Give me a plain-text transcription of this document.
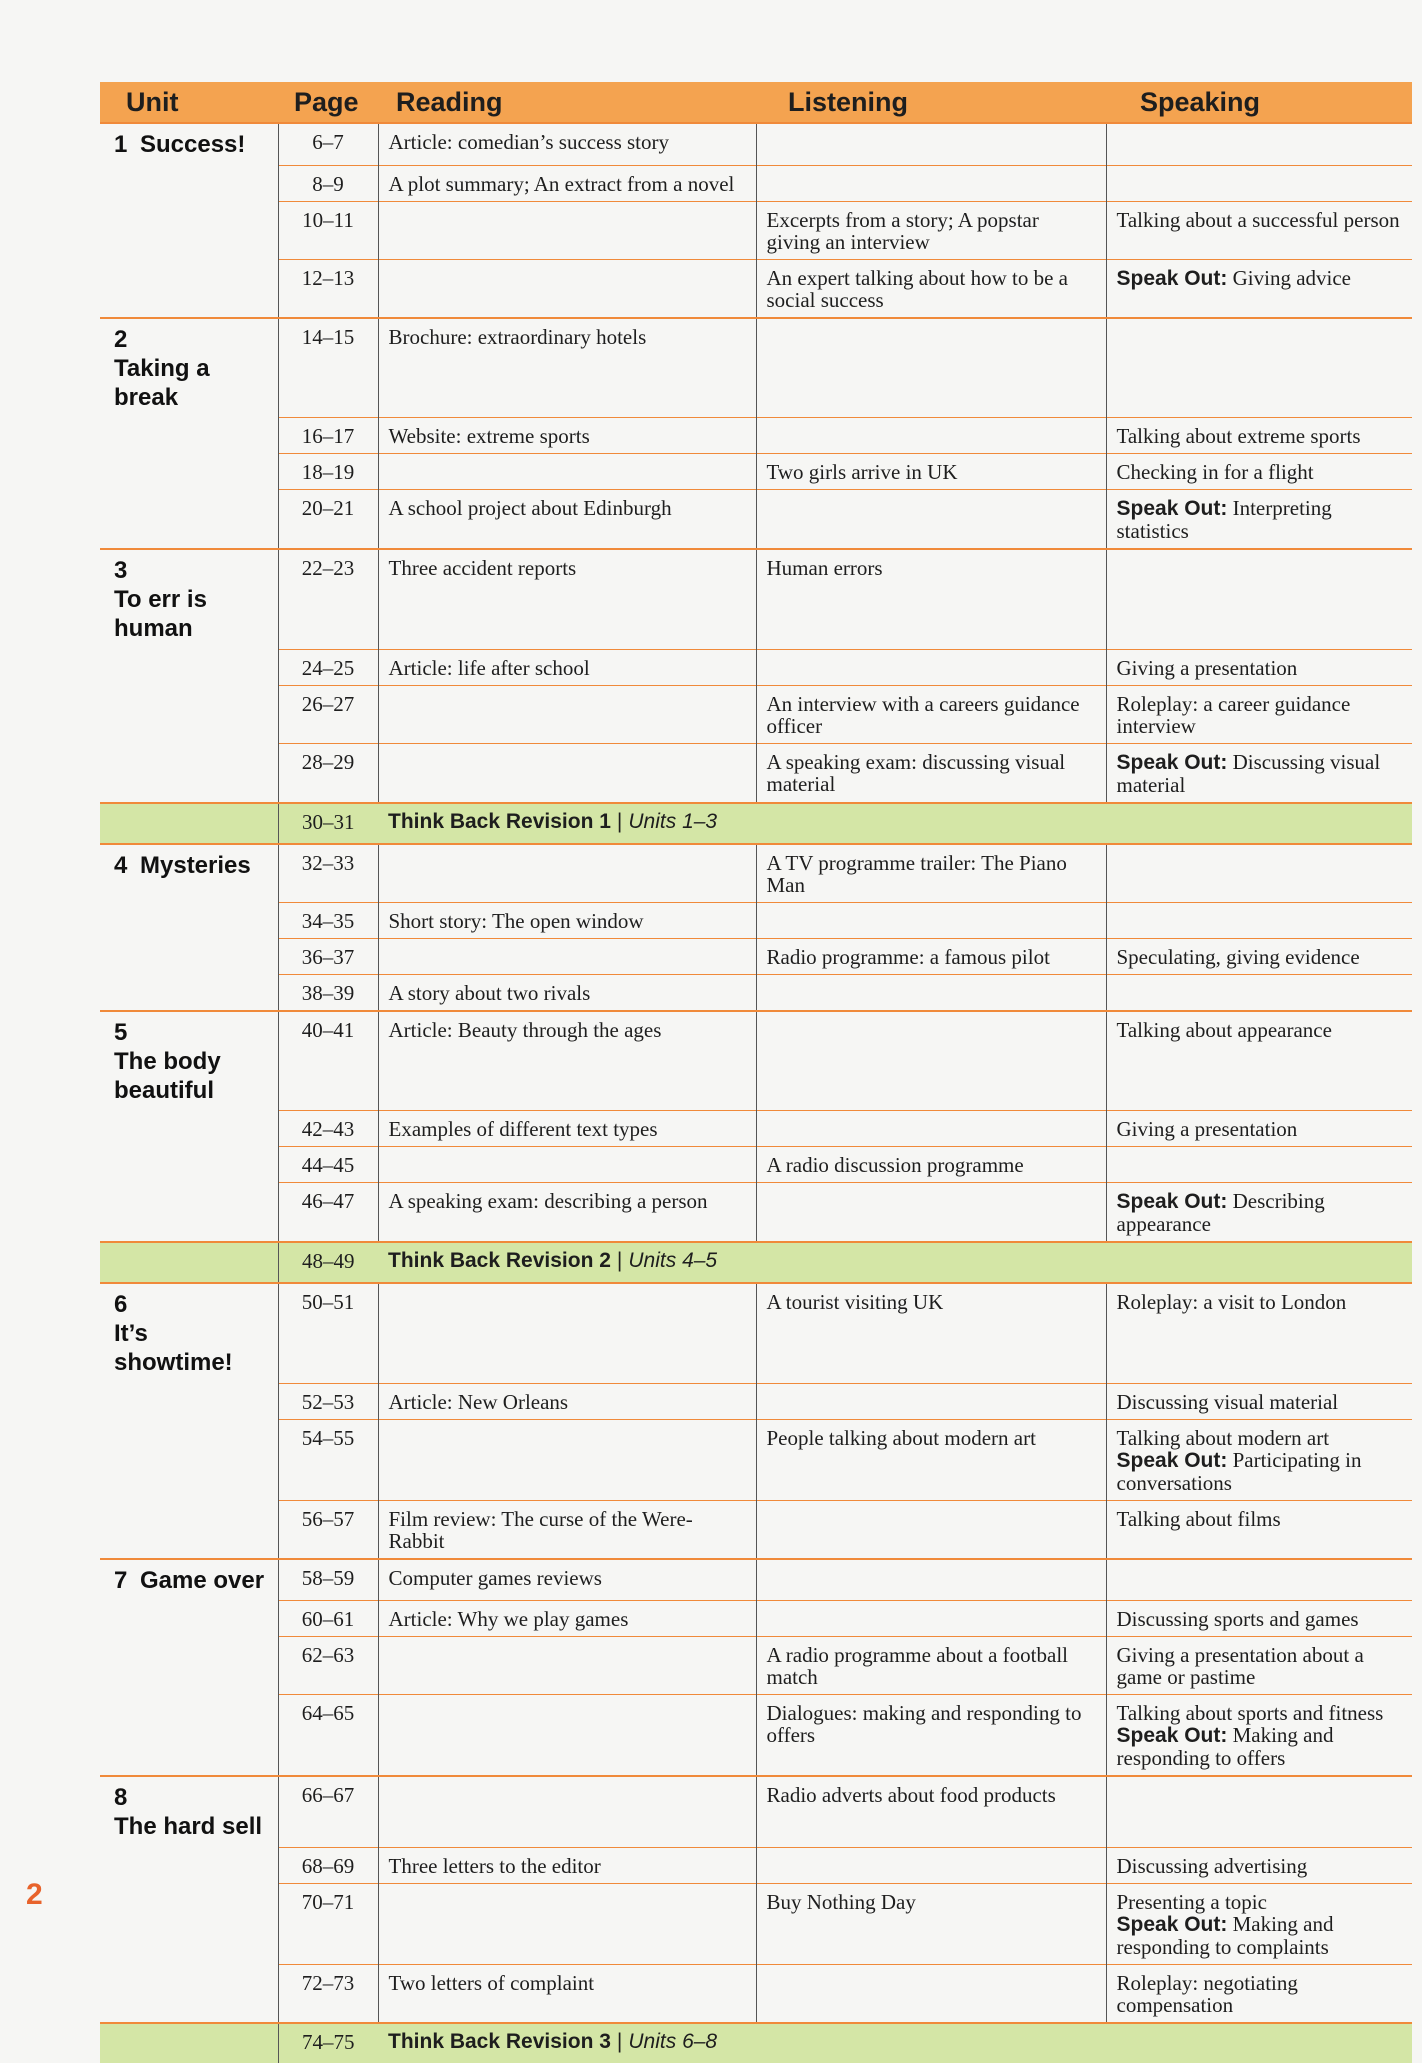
Unit	Page	Reading	Listening	Speaking
1 Success!	6–7	Article: comedian’s success story		
	8–9	A plot summary; An extract from a novel		
	10–11		Excerpts from a story; A popstar giving an interview	Talking about a successful person
	12–13		An expert talking about how to be a social success	Speak Out: Giving advice
2Taking a break	14–15	Brochure: extraordinary hotels		
	16–17	Website: extreme sports		Talking about extreme sports
	18–19		Two girls arrive in UK	Checking in for a flight
	20–21	A school project about Edinburgh		Speak Out: Interpreting statistics
3To err is human	22–23	Three accident reports	Human errors	
	24–25	Article: life after school		Giving a presentation
	26–27		An interview with a careers guidance officer	Roleplay: a career guidance interview
	28–29		A speaking exam: discussing visual material	Speak Out: Discussing visual material
	30–31	Think Back Revision 1 | Units 1–3		
4 Mysteries	32–33		A TV programme trailer: The Piano Man	
	34–35	Short story: The open window		
	36–37		Radio programme: a famous pilot	Speculating, giving evidence
	38–39	A story about two rivals		
5The body beautiful	40–41	Article: Beauty through the ages		Talking about appearance
	42–43	Examples of different text types		Giving a presentation
	44–45		A radio discussion programme	
	46–47	A speaking exam: describing a person		Speak Out: Describing appearance
	48–49	Think Back Revision 2 | Units 4–5		
6It’s showtime!	50–51		A tourist visiting UK	Roleplay: a visit to London
	52–53	Article: New Orleans		Discussing visual material
	54–55		People talking about modern art	Talking about modern art
Speak Out: Participating in conversations
	56–57	Film review: The curse of the Were-Rabbit		Talking about films
7 Game over	58–59	Computer games reviews		
	60–61	Article: Why we play games		Discussing sports and games
	62–63		A radio programme about a football match	Giving a presentation about a game or pastime
	64–65		Dialogues: making and responding to offers	Talking about sports and fitness
Speak Out: Making and responding to offers
8The hard sell	66–67		Radio adverts about food products	
	68–69	Three letters to the editor		Discussing advertising
	70–71		Buy Nothing Day	Presenting a topic
Speak Out: Making and responding to complaints
	72–73	Two letters of complaint		Roleplay: negotiating compensation
	74–75	Think Back Revision 3 | Units 6–8		
2
